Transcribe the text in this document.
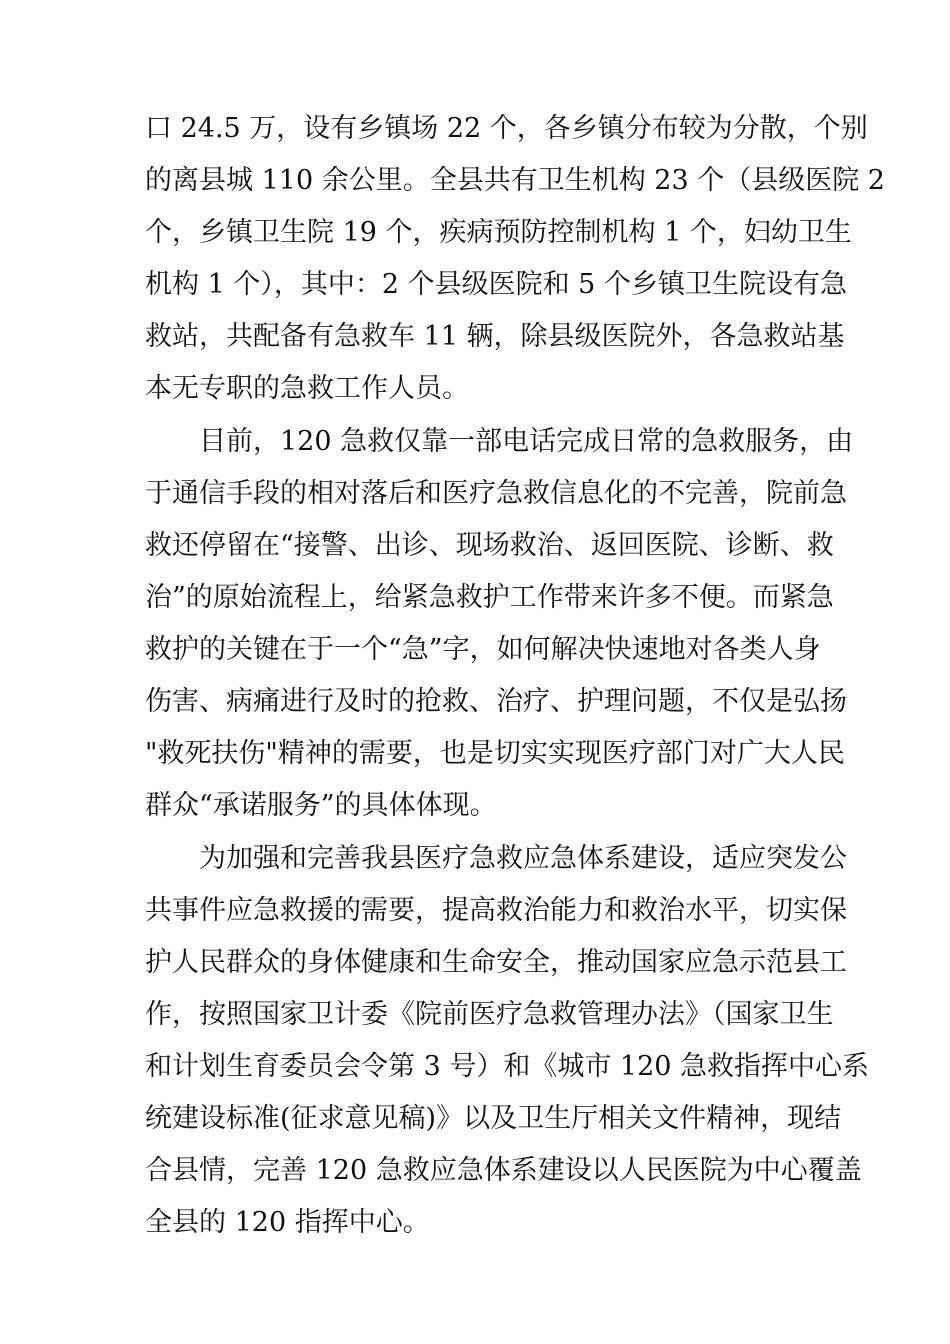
口 24.5 万，设有乡镇场 22 个，各乡镇分布较为分散，个别
的离县城 110 余公里。全县共有卫生机构 23 个（县级医院 2
个，乡镇卫生院 19 个，疾病预防控制机构 1 个，妇幼卫生
机构 1 个），其中：2 个县级医院和 5 个乡镇卫生院设有急
救站，共配备有急救车 11 辆，除县级医院外，各急救站基
本无专职的急救工作人员。
目前，120 急救仅靠一部电话完成日常的急救服务，由
于通信手段的相对落后和医疗急救信息化的不完善，院前急
救还停留在“接警、出诊、现场救治、返回医院、诊断、救
治”的原始流程上，给紧急救护工作带来许多不便。而紧急
救护的关键在于一个“急”字，如何解决快速地对各类人身
伤害、病痛进行及时的抢救、治疗、护理问题，不仅是弘扬
"救死扶伤"精神的需要，也是切实实现医疗部门对广大人民
群众“承诺服务”的具体体现。
为加强和完善我县医疗急救应急体系建设，适应突发公
共事件应急救援的需要，提高救治能力和救治水平，切实保
护人民群众的身体健康和生命安全，推动国家应急示范县工
作，按照国家卫计委《院前医疗急救管理办法》（国家卫生
和计划生育委员会令第 3 号）和《城市 120 急救指挥中心系
统建设标准(征求意见稿)》以及卫生厅相关文件精神，现结
合县情，完善 120 急救应急体系建设以人民医院为中心覆盖
全县的 120 指挥中心。
